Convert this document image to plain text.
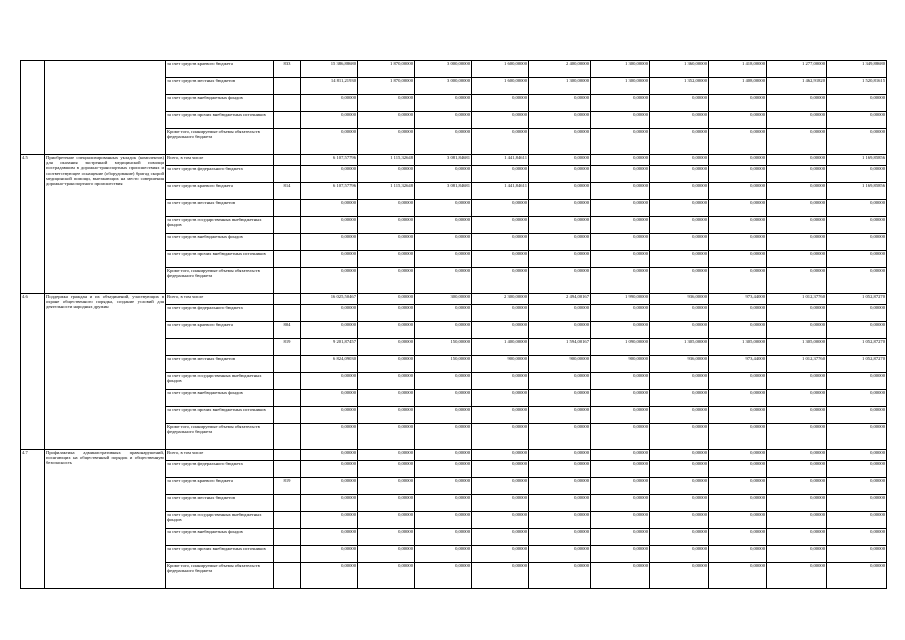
		за счет средств краевого бюджета	833	15 386,88680	1 870,00000	3 000,00000	1 600,00000	2 400,00000	1 300,00000	1 360,00000	1 418,00000	1 277,00000	1 349,88680
		за счет средств местных бюджетов		14 811,21930	1 870,00000	3 000,00000	1 600,00000	1 300,00000	1 300,00000	1 352,00000	1 408,00000	1 462,91820	1 520,81615
		за счет средств внебюджетных фондов		0,00000	0,00000	0,00000	0,00000	0,00000	0,00000	0,00000	0,00000	0,00000	0,00000
		за счет средств прочих внебюджетных источников		0,00000	0,00000	0,00000	0,00000	0,00000	0,00000	0,00000	0,00000	0,00000	0,00000
		Кроме того, планируемые объемы обязательств федерального бюджета		0,00000	0,00000	0,00000	0,00000	0,00000	0,00000	0,00000	0,00000	0,00000	0,00000
4.5	Приобретение специализированных укладок (комплектов) для оказания экстренной медицинской помощи пострадавшим в дорожно-транспортных происшествиях и соответствующее оснащение (оборудование) бригад скорой медицинской помощи, выезжающих на место совершения дорожно-транспортного происшествия	Всего, в том числе		6 107,57796	1 115,32648	3 081,84681	1 441,84611	0,00000	0,00000	0,00000	0,00000	0,00000	1 169,85856
		за счет средств федерального бюджета		0,00000	0,00000	0,00000	0,00000	0,00000	0,00000	0,00000	0,00000	0,00000	0,00000
		за счет средств краевого бюджета	814	6 107,57796	1 115,32648	3 081,84681	1 441,84611	0,00000	0,00000	0,00000	0,00000	0,00000	1 169,85856
		за счет средств местных бюджетов		0,00000	0,00000	0,00000	0,00000	0,00000	0,00000	0,00000	0,00000	0,00000	0,00000
		за счет средств государственных внебюджетных фондов		0,00000	0,00000	0,00000	0,00000	0,00000	0,00000	0,00000	0,00000	0,00000	0,00000
		за счет средств внебюджетных фондов		0,00000	0,00000	0,00000	0,00000	0,00000	0,00000	0,00000	0,00000	0,00000	0,00000
		за счет средств прочих внебюджетных источников		0,00000	0,00000	0,00000	0,00000	0,00000	0,00000	0,00000	0,00000	0,00000	0,00000
		Кроме того, планируемые объемы обязательств федерального бюджета		0,00000	0,00000	0,00000	0,00000	0,00000	0,00000	0,00000	0,00000	0,00000	0,00000
4.6	Поддержка граждан и их объединений, участвующих в охране общественного порядка, создание условий для деятельности народных дружин	Всего, в том числе		16 025,50467	0,00000	300,00000	2 300,00000	2 494,00167	1 990,00000	936,00000	973,44000	1 012,37760	1 052,87270
		за счет средств федерального бюджета		0,00000	0,00000	0,00000	0,00000	0,00000	0,00000	0,00000	0,00000	0,00000	0,00000
		за счет средств краевого бюджета	804	0,00000	0,00000	0,00000	0,00000	0,00000	0,00000	0,00000	0,00000	0,00000	0,00000
			819	9 201,87457	0,00000	150,00000	1 400,00000	1 594,00167	1 090,00000	1 305,00000	1 305,00000	1 305,00000	1 052,87270
		за счет средств местных бюджетов		6 824,09030	0,00000	150,00000	900,00000	900,00000	900,00000	936,00000	973,44000	1 012,37760	1 052,87270
		за счет средств государственных внебюджетных фондов		0,00000	0,00000	0,00000	0,00000	0,00000	0,00000	0,00000	0,00000	0,00000	0,00000
		за счет средств внебюджетных фондов		0,00000	0,00000	0,00000	0,00000	0,00000	0,00000	0,00000	0,00000	0,00000	0,00000
		за счет средств прочих внебюджетных источников		0,00000	0,00000	0,00000	0,00000	0,00000	0,00000	0,00000	0,00000	0,00000	0,00000
		Кроме того, планируемые объемы обязательств федерального бюджета		0,00000	0,00000	0,00000	0,00000	0,00000	0,00000	0,00000	0,00000	0,00000	0,00000
4.7	Профилактика административных правонарушений, посягающих на общественный порядок и общественную безопасность	Всего, в том числе		0,00000	0,00000	0,00000	0,00000	0,00000	0,00000	0,00000	0,00000	0,00000	0,00000
		за счет средств федерального бюджета		0,00000	0,00000	0,00000	0,00000	0,00000	0,00000	0,00000	0,00000	0,00000	0,00000
		за счет средств краевого бюджета	819	0,00000	0,00000	0,00000	0,00000	0,00000	0,00000	0,00000	0,00000	0,00000	0,00000
		за счет средств местных бюджетов		0,00000	0,00000	0,00000	0,00000	0,00000	0,00000	0,00000	0,00000	0,00000	0,00000
		за счет средств государственных внебюджетных фондов		0,00000	0,00000	0,00000	0,00000	0,00000	0,00000	0,00000	0,00000	0,00000	0,00000
		за счет средств внебюджетных фондов		0,00000	0,00000	0,00000	0,00000	0,00000	0,00000	0,00000	0,00000	0,00000	0,00000
		за счет средств прочих внебюджетных источников		0,00000	0,00000	0,00000	0,00000	0,00000	0,00000	0,00000	0,00000	0,00000	0,00000
		Кроме того, планируемые объемы обязательств федерального бюджета		0,00000	0,00000	0,00000	0,00000	0,00000	0,00000	0,00000	0,00000	0,00000	0,00000
